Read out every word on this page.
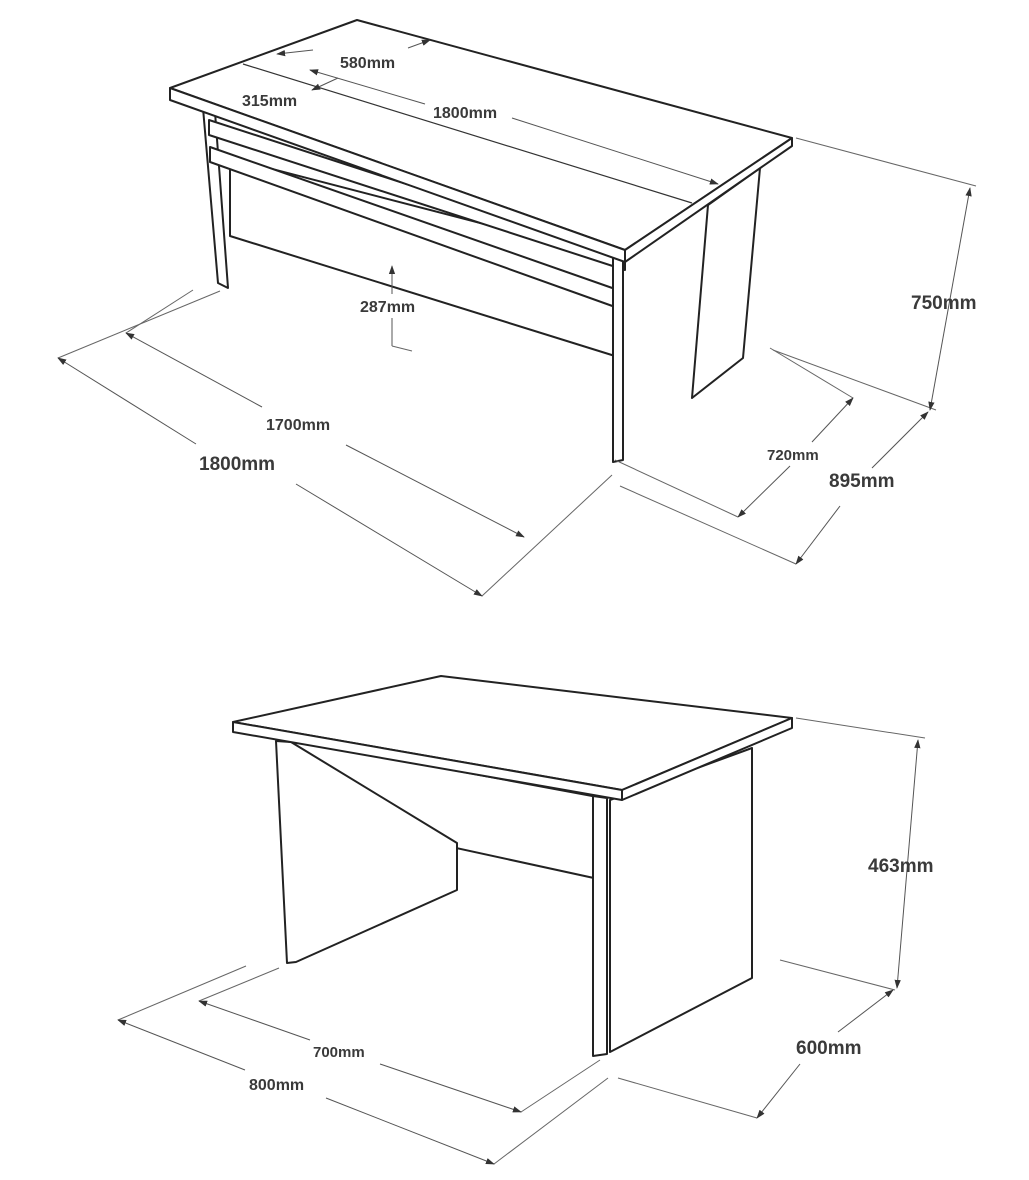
580mm
315mm
1800mm
287mm	750mm
1700mm
1800mm	720mm
895mm
463mm
700mm
800mm
600mm
